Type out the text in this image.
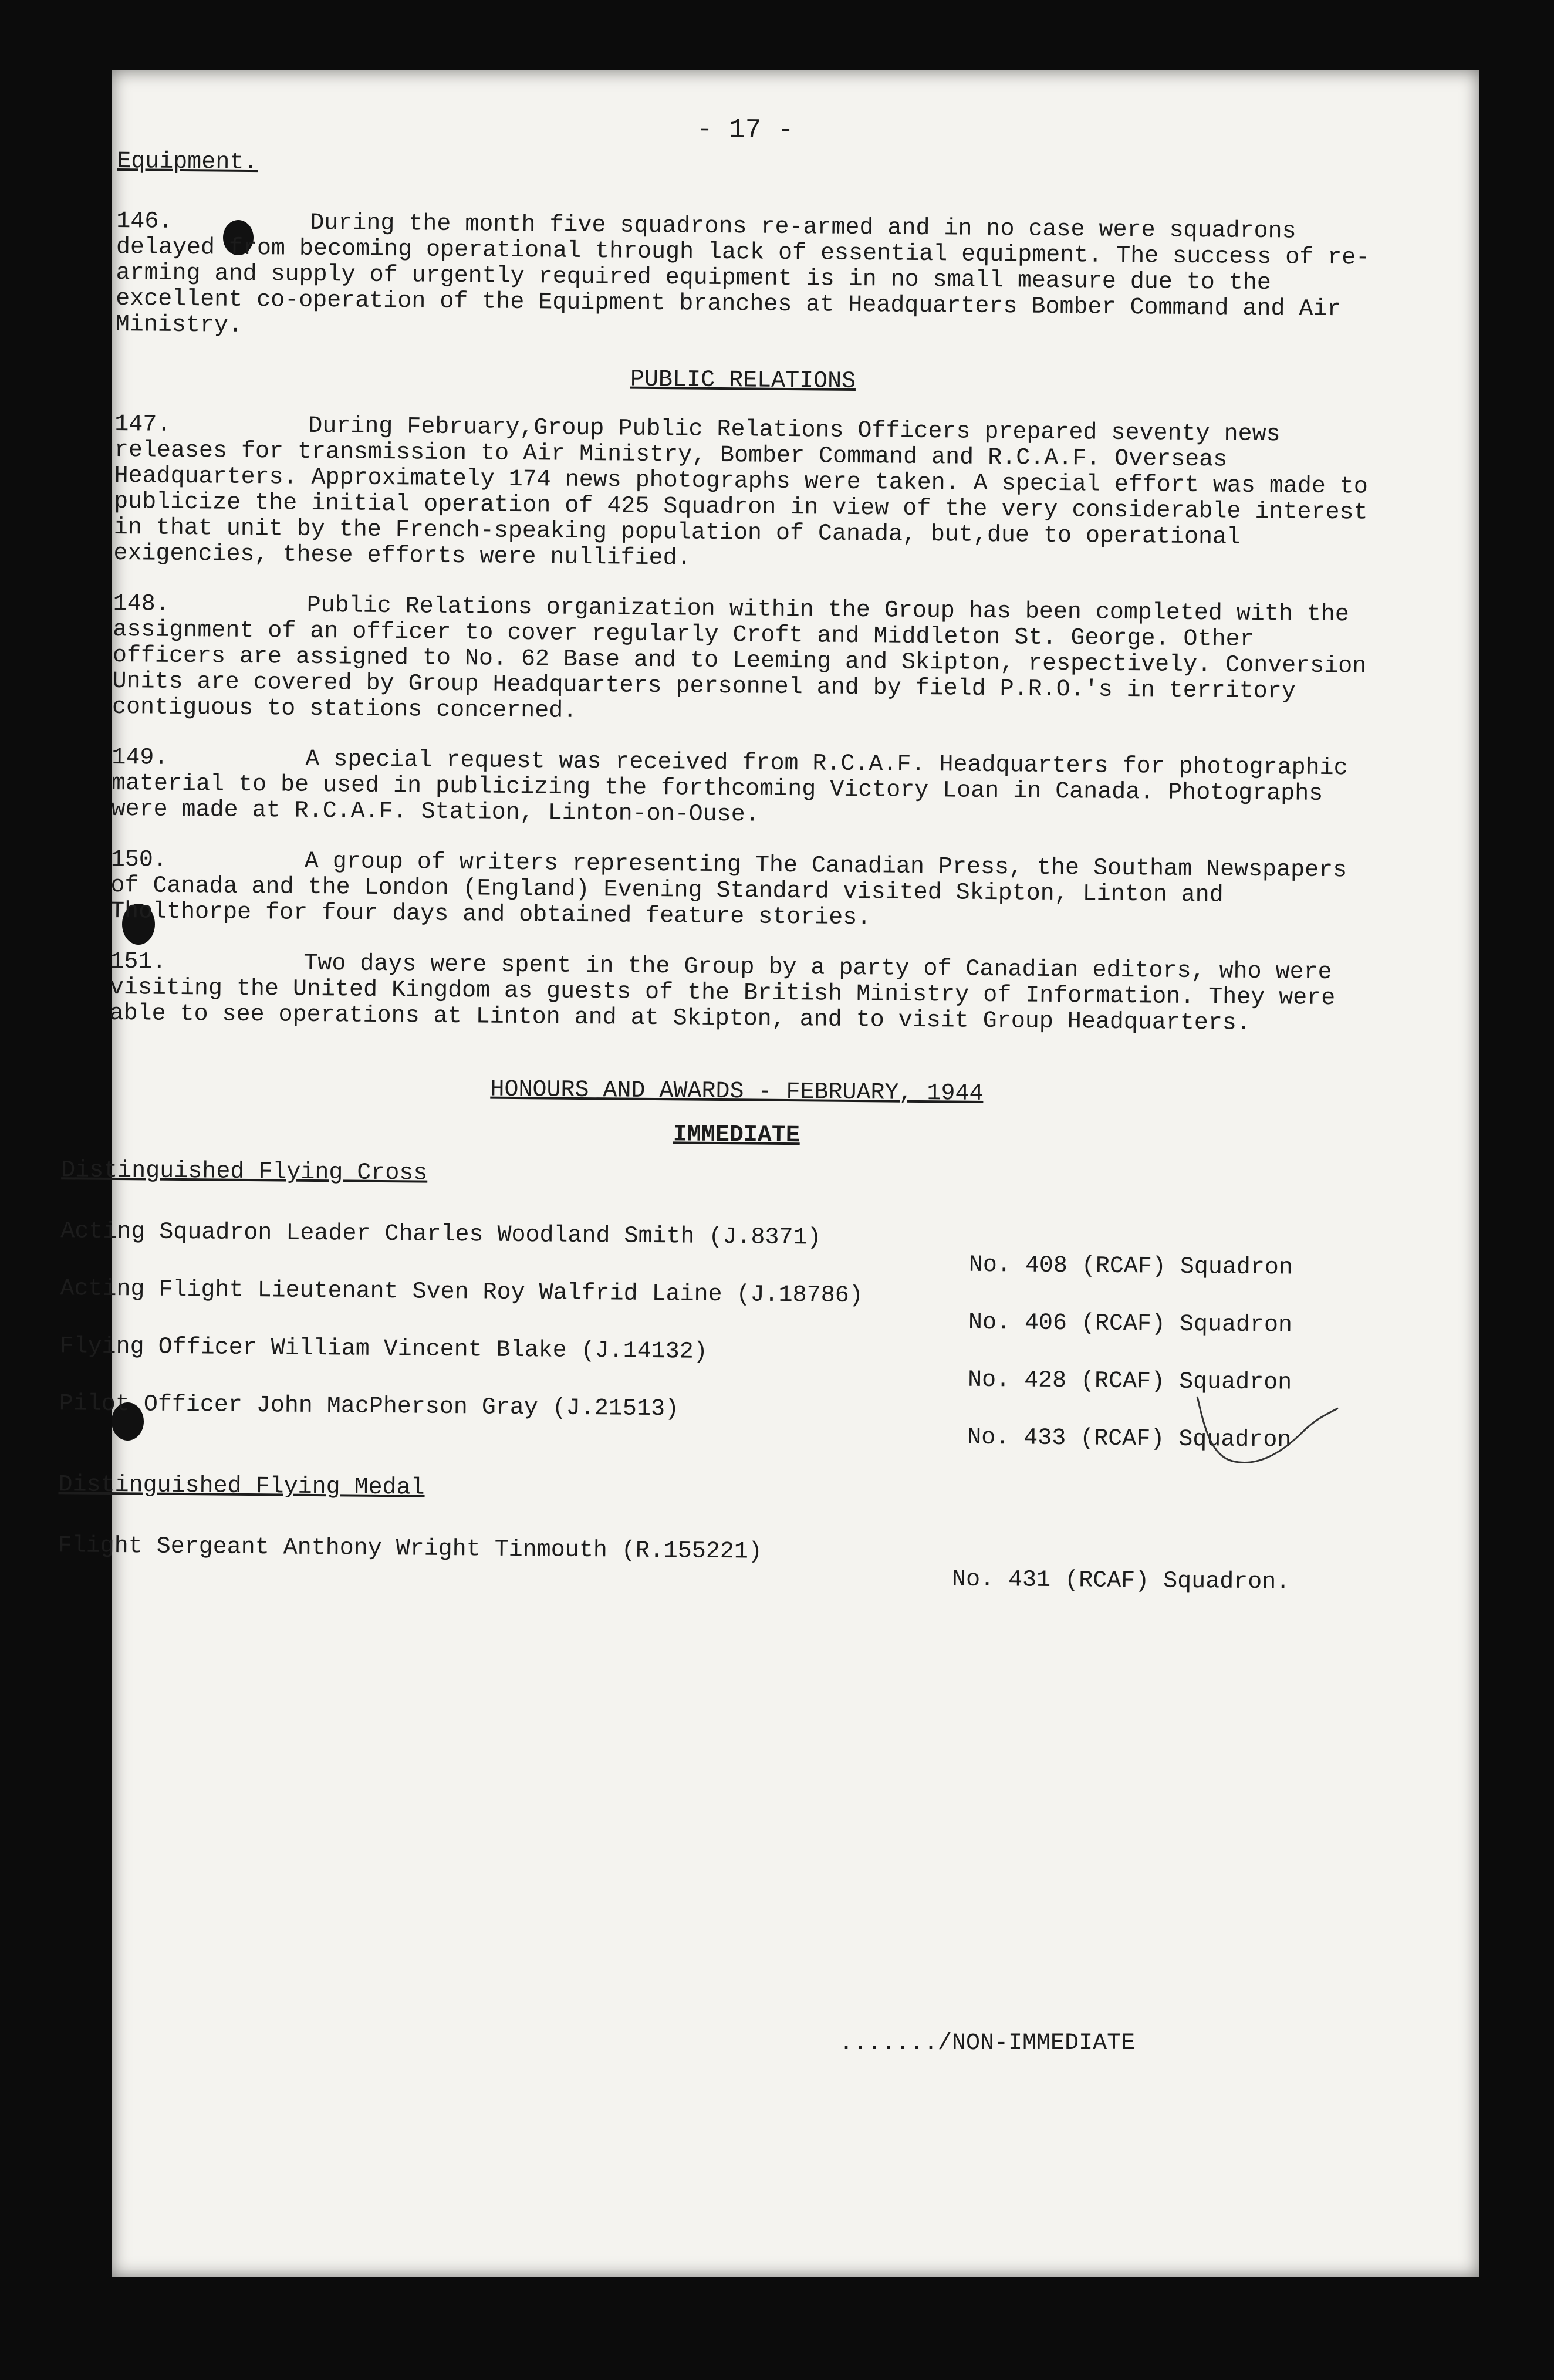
- 17 -
Equipment.
146.	During the month five squadrons re-armed and in no case were squadrons delayed from becoming operational through lack of essential equipment. The success of re-arming and supply of urgently required equipment is in no small measure due to the excellent co-operation of the Equipment branches at Headquarters Bomber Command and Air Ministry.
PUBLIC RELATIONS
147.	During February,Group Public Relations Officers prepared seventy news releases for transmission to Air Ministry, Bomber Command and R.C.A.F. Overseas Headquarters. Approximately 174 news photographs were taken. A special effort was made to publicize the initial operation of 425 Squadron in view of the very considerable interest in that unit by the French-speaking population of Canada, but,due to operational exigencies, these efforts were nullified.
148.	Public Relations organization within the Group has been completed with the assignment of an officer to cover regularly Croft and Middleton St. George. Other officers are assigned to No. 62 Base and to Leeming and Skipton, respectively. Conversion Units are covered by Group Headquarters personnel and by field P.R.O.'s in territory contiguous to stations concerned.
149.	A special request was received from R.C.A.F. Headquarters for photographic material to be used in publicizing the forthcoming Victory Loan in Canada. Photographs were made at R.C.A.F. Station, Linton-on-Ouse.
150.	A group of writers representing The Canadian Press, the Southam Newspapers of Canada and the London (England) Evening Standard visited Skipton, Linton and Tholthorpe for four days and obtained feature stories.
151.	Two days were spent in the Group by a party of Canadian editors, who were visiting the United Kingdom as guests of the British Ministry of Information. They were able to see operations at Linton and at Skipton, and to visit Group Headquarters.
HONOURS AND AWARDS - FEBRUARY, 1944
IMMEDIATE
Distinguished Flying Cross
Acting Squadron Leader Charles Woodland Smith (J.8371)
No. 408 (RCAF) Squadron
Acting Flight Lieutenant Sven Roy Walfrid Laine (J.18786)
No. 406 (RCAF) Squadron
Flying Officer William Vincent Blake (J.14132)
No. 428 (RCAF) Squadron
Pilot Officer John MacPherson Gray (J.21513)
No. 433 (RCAF) Squadron
Distinguished Flying Medal
Flight Sergeant Anthony Wright Tinmouth (R.155221)
No. 431 (RCAF) Squadron.
......./NON-IMMEDIATE
